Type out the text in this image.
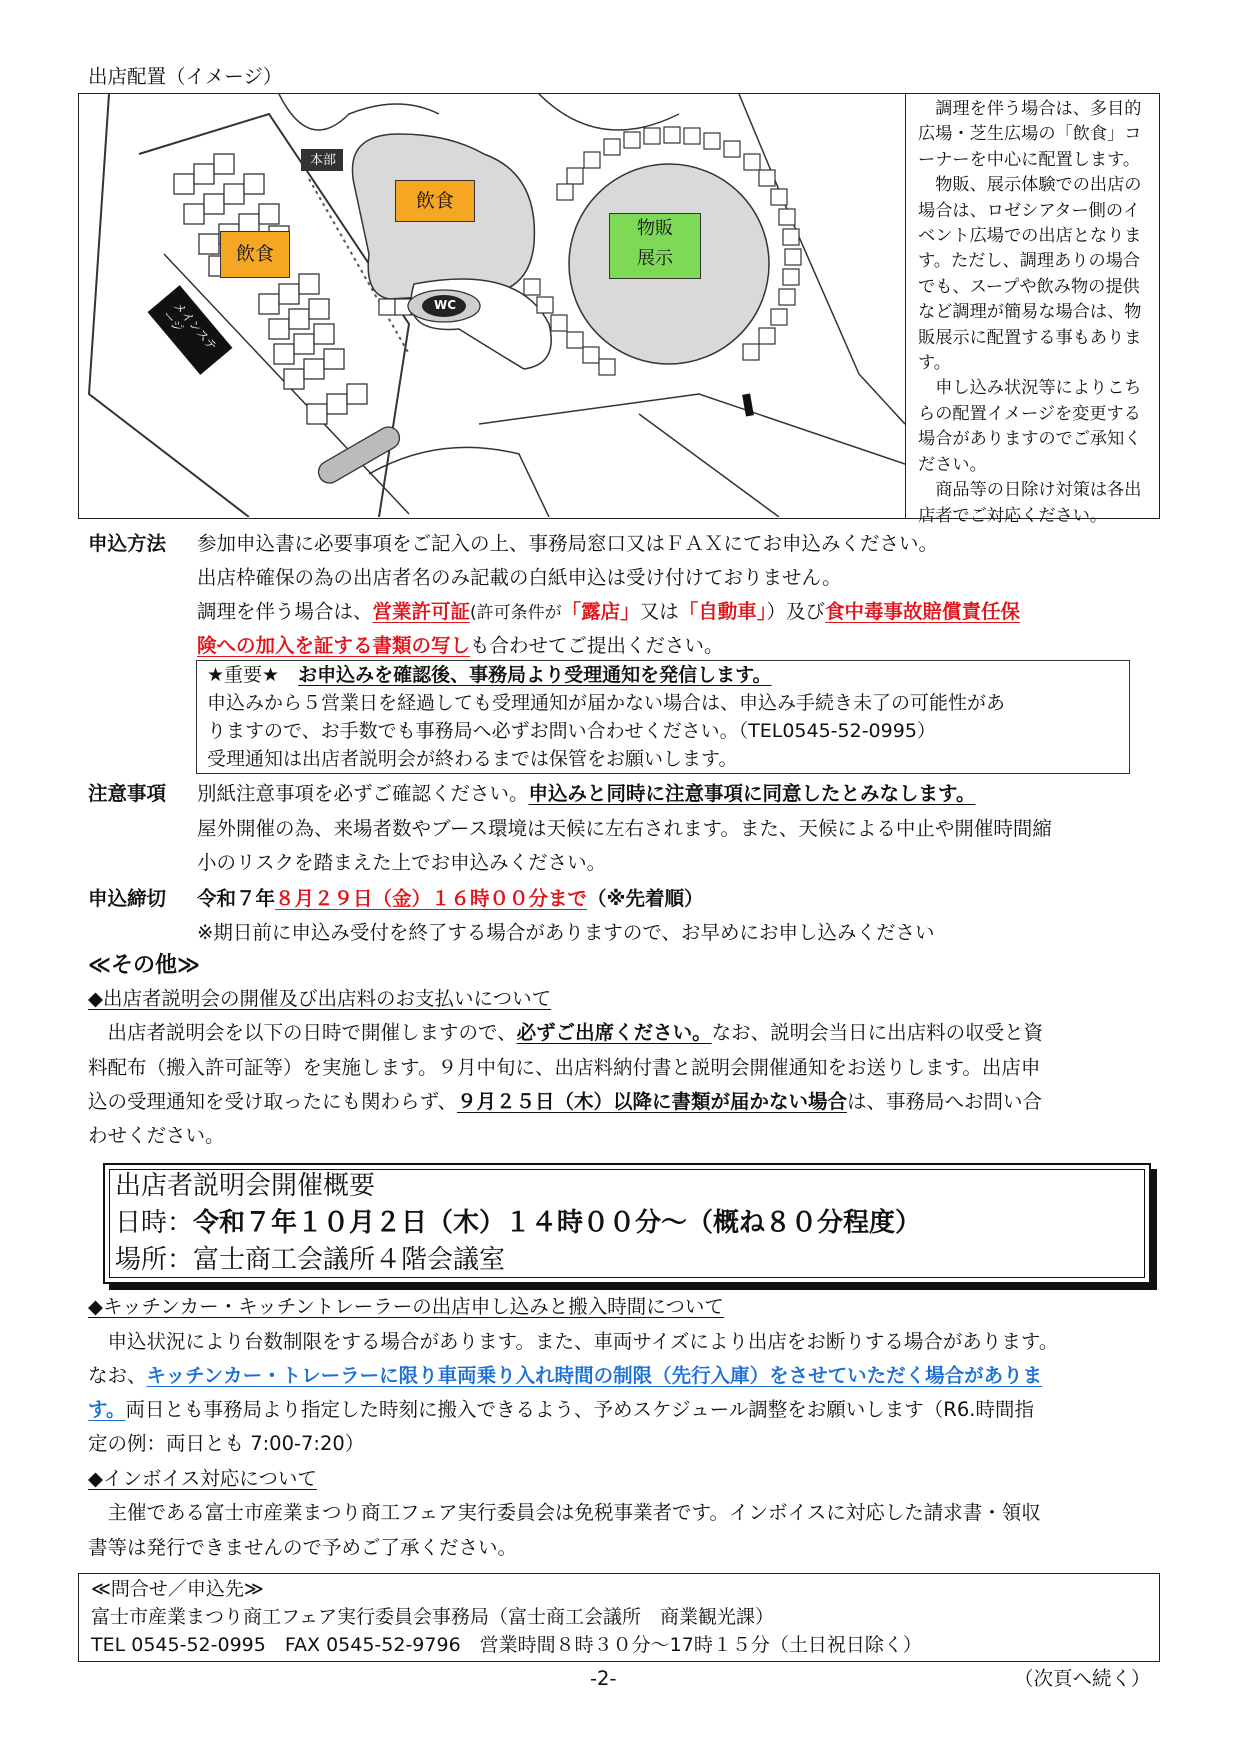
出店配置（イメージ）
本部
WC
メインステージ
飲食
飲食
物販
展示
　調理を伴う場合は、多目的
広場・芝生広場の「飲食」コ
ーナーを中心に配置します。
　物販、展示体験での出店の
場合は、ロゼシアター側のイ
ベント広場での出店となりま
す。ただし、調理ありの場合
でも、スープや飲み物の提供
など調理が簡易な場合は、物
販展示に配置する事もありま
す。
　申し込み状況等によりこち
らの配置イメージを変更する
場合がありますのでご承知く
ださい。
　商品等の日除け対策は各出
店者でご対応ください。
申込方法 参加申込書に必要事項をご記入の上、事務局窓口又はＦＡＸにてお申込みください。
出店枠確保の為の出店者名のみ記載の白紙申込は受け付けておりません。
調理を伴う場合は、営業許可証(許可条件が「露店」又は「自動車」）及び食中毒事故賠償責任保
険への加入を証する書類の写しも合わせてご提出ください。
★重要★　お申込みを確認後、事務局より受理通知を発信します。
申込みから５営業日を経過しても受理通知が届かない場合は、申込み手続き未了の可能性があ
りますので、お手数でも事務局へ必ずお問い合わせください。（TEL0545-52-0995）
受理通知は出店者説明会が終わるまでは保管をお願いします。
注意事項 別紙注意事項を必ずご確認ください。申込みと同時に注意事項に同意したとみなします。
屋外開催の為、来場者数やブース環境は天候に左右されます。また、天候による中止や開催時間縮
小のリスクを踏まえた上でお申込みください。
申込締切 令和７年８月２９日（金）１６時００分まで（※先着順）
※期日前に申込み受付を終了する場合がありますので、お早めにお申し込みください
≪その他≫
◆出店者説明会の開催及び出店料のお支払いについて
　出店者説明会を以下の日時で開催しますので、必ずご出席ください。なお、説明会当日に出店料の収受と資
料配布（搬入許可証等）を実施します。９月中旬に、出店料納付書と説明会開催通知をお送りします。出店申
込の受理通知を受け取ったにも関わらず、９月２５日（木）以降に書類が届かない場合は、事務局へお問い合
わせください。
出店者説明会開催概要
日時：令和７年１０月２日（木）１４時００分～（概ね８０分程度）
場所：富士商工会議所４階会議室
◆キッチンカー・キッチントレーラーの出店申し込みと搬入時間について
　申込状況により台数制限をする場合があります。また、車両サイズにより出店をお断りする場合があります。
なお、キッチンカー・トレーラーに限り車両乗り入れ時間の制限（先行入庫）をさせていただく場合がありま
す。両日とも事務局より指定した時刻に搬入できるよう、予めスケジュール調整をお願いします（R6.時間指
定の例：両日とも 7:00-7:20）
◆インボイス対応について
　主催である富士市産業まつり商工フェア実行委員会は免税事業者です。インボイスに対応した請求書・領収
書等は発行できませんので予めご了承ください。
≪問合せ／申込先≫
富士市産業まつり商工フェア実行委員会事務局（富士商工会議所　商業観光課）
TEL 0545-52-0995　FAX 0545-52-9796　営業時間８時３０分～17時１５分（土日祝日除く）
-2-	（次頁へ続く）
